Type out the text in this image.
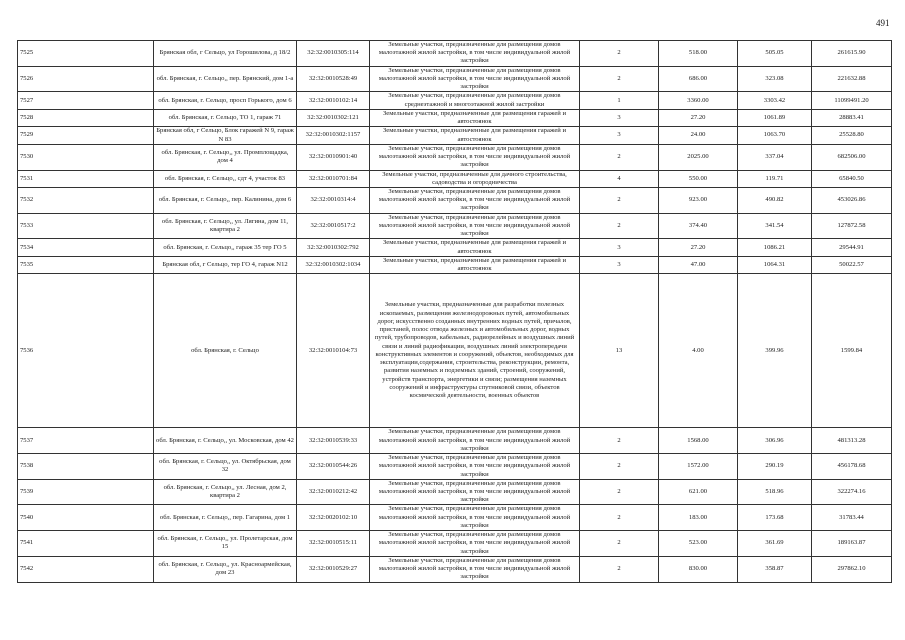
491
7525	Брянская обл, г Сельцо, ул Горошилова, д 18/2	32:32:0010305:114	Земельные участки, предназначенные для размещения домов малоэтажной жилой застройки, в том числе индивидуальной жилой застройки	2	518.00	505.05	261615.90
7526	обл. Брянская, г. Сельцо,, пер. Брянский, дом 1-а	32:32:0010528:49	Земельные участки, предназначенные для размещения домов малоэтажной жилой застройки, в том числе индивидуальной жилой застройки	2	686.00	323.08	221632.88
7527	обл. Брянская, г. Сельцо, просп Горького, дом 6	32:32:0010102:14	Земельные участки, предназначенные для размещения домов среднеэтажной и многоэтажной жилой застройки	1	3360.00	3303.42	11099491.20
7528	обл. Брянская, г. Сельцо, ТО 1, гараж 71	32:32:0010302:121	Земельные участки, предназначенные для размещения гаражей и автостоянок	3	27.20	1061.89	28883.41
7529	Брянская обл, г Сельцо, Блок гаражей N 9, гараж N 83	32:32:0010302:1157	Земельные участки, предназначенные для размещения гаражей и автостоянок	3	24.00	1063.70	25528.80
7530	обл. Брянская, г. Сельцо,, ул. Промплощадка, дом 4	32:32:0010901:40	Земельные участки, предназначенные для размещения домов малоэтажной жилой застройки, в том числе индивидуальной жилой застройки	2	2025.00	337.04	682506.00
7531	обл. Брянская, г. Сельцо,, сдт 4, участок 83	32:32:0010701:84	Земельные участки, предназначенные для дачного строительства, садоводства и огородничества	4	550.00	119.71	65840.50
7532	обл. Брянская, г. Сельцо,, пер. Калинина, дом 6	32:32:0010314:4	Земельные участки, предназначенные для размещения домов малоэтажной жилой застройки, в том числе индивидуальной жилой застройки	2	923.00	490.82	453026.86
7533	обл. Брянская, г. Сельцо,, ул. Лягина, дом 11, квартира 2	32:32:0010517:2	Земельные участки, предназначенные для размещения домов малоэтажной жилой застройки, в том числе индивидуальной жилой застройки	2	374.40	341.54	127872.58
7534	обл. Брянская, г. Сельцо,, гараж 35 тер ГО 5	32:32:0010302:792	Земельные участки, предназначенные для размещения гаражей и автостоянок	3	27.20	1086.21	29544.91
7535	Брянская обл, г Сельцо, тер ГО 4, гараж N12	32:32:0010302:1034	Земельные участки, предназначенные для размещения гаражей и автостоянок	3	47.00	1064.31	50022.57
7536	обл. Брянская, г. Сельцо	32:32:0010104:73	Земельные участки, предназначенные для разработки полезных ископаемых, размещения железнодорожных путей, автомобильных дорог, искусственно созданных внутренних водных путей, причалов, пристаней, полос отвода железных и автомобильных дорог, водных путей, трубопроводов, кабельных, радиорелейных и воздушных линий связи и линий радиофикации, воздушных линий электропередачи конструктивных элементов и сооружений, объектов, необходимых для эксплуатации,содержания, строительства, реконструкции, ремонта, развития наземных и подземных зданий, строений, сооружений, устройств транспорта, энергетики и связи; размещения наземных сооружений и инфраструктуры спутниковой связи, объектов космической деятельности, военных объектов	13	4.00	399.96	1599.84
7537	обл. Брянская, г. Сельцо,, ул. Московская, дом 42	32:32:0010539:33	Земельные участки, предназначенные для размещения домов малоэтажной жилой застройки, в том числе индивидуальной жилой застройки	2	1568.00	306.96	481313.28
7538	обл. Брянская, г. Сельцо,, ул. Октябрьская, дом 32	32:32:0010544:26	Земельные участки, предназначенные для размещения домов малоэтажной жилой застройки, в том числе индивидуальной жилой застройки	2	1572.00	290.19	456178.68
7539	обл. Брянская, г. Сельцо,, ул. Лесная, дом 2, квартира 2	32:32:0010212:42	Земельные участки, предназначенные для размещения домов малоэтажной жилой застройки, в том числе индивидуальной жилой застройки	2	621.00	518.96	322274.16
7540	обл. Брянская, г. Сельцо,, пер. Гагарина, дом 1	32:32:0020102:10	Земельные участки, предназначенные для размещения домов малоэтажной жилой застройки, в том числе индивидуальной жилой застройки	2	183.00	173.68	31783.44
7541	обл. Брянская, г. Сельцо,, ул. Пролетарская, дом 15	32:32:0010515:11	Земельные участки, предназначенные для размещения домов малоэтажной жилой застройки, в том числе индивидуальной жилой застройки	2	523.00	361.69	189163.87
7542	обл. Брянская, г. Сельцо,, ул. Красноармейская, дом 23	32:32:0010529:27	Земельные участки, предназначенные для размещения домов малоэтажной жилой застройки, в том числе индивидуальной жилой застройки	2	830.00	358.87	297862.10
